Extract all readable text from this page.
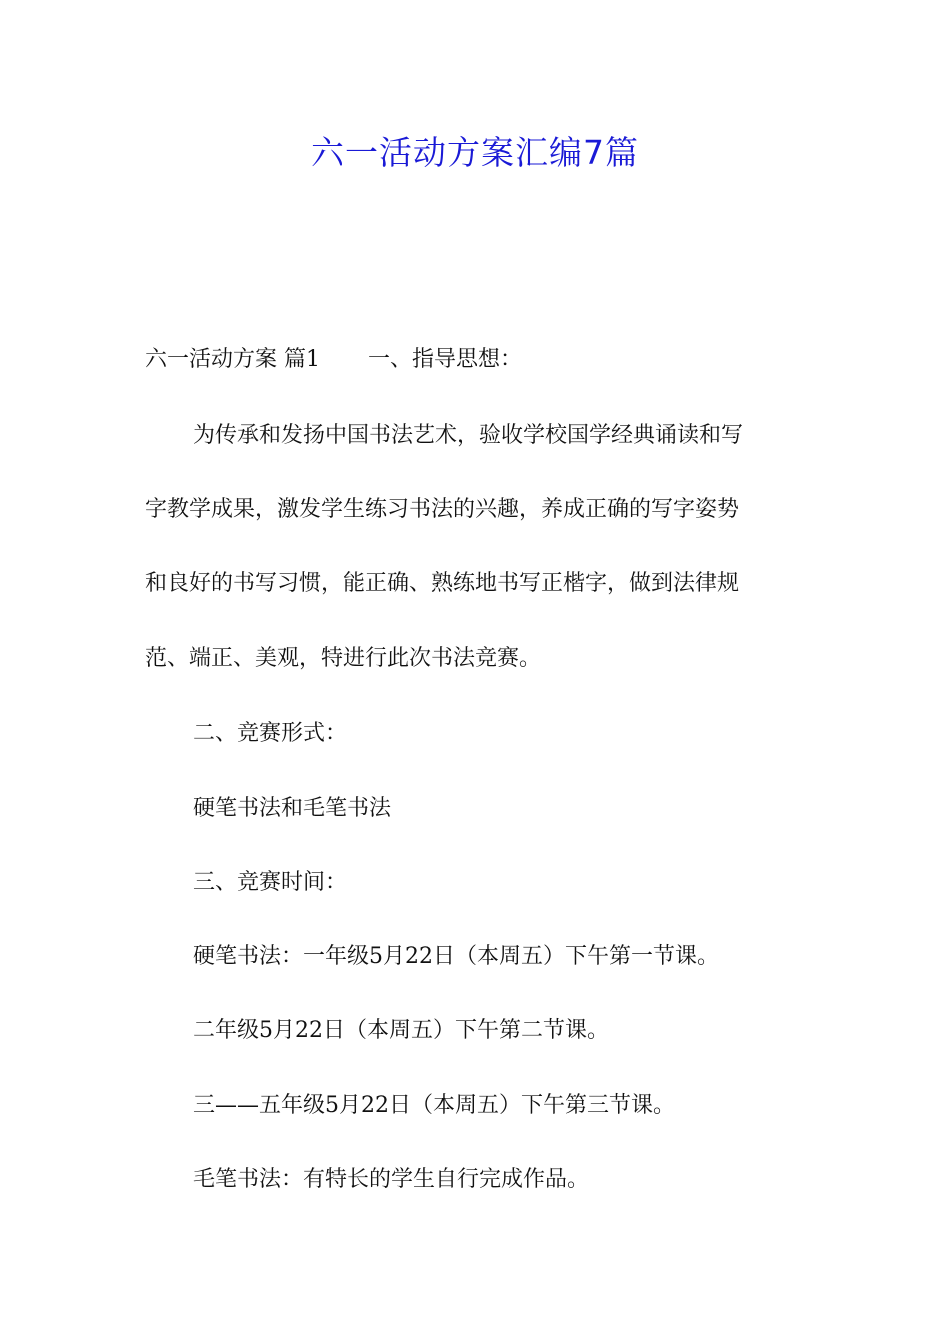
六一活动方案汇编7篇
六一活动方案 篇1 一、指导思想：
为传承和发扬中国书法艺术，验收学校国学经典诵读和写
字教学成果，激发学生练习书法的兴趣，养成正确的写字姿势
和良好的书写习惯，能正确、熟练地书写正楷字，做到法律规
范、端正、美观，特进行此次书法竞赛。
二、竞赛形式：
硬笔书法和毛笔书法
三、竞赛时间：
硬笔书法：一年级5月22日（本周五）下午第一节课。
二年级5月22日（本周五）下午第二节课。
三——五年级5月22日（本周五）下午第三节课。
毛笔书法：有特长的学生自行完成作品。
